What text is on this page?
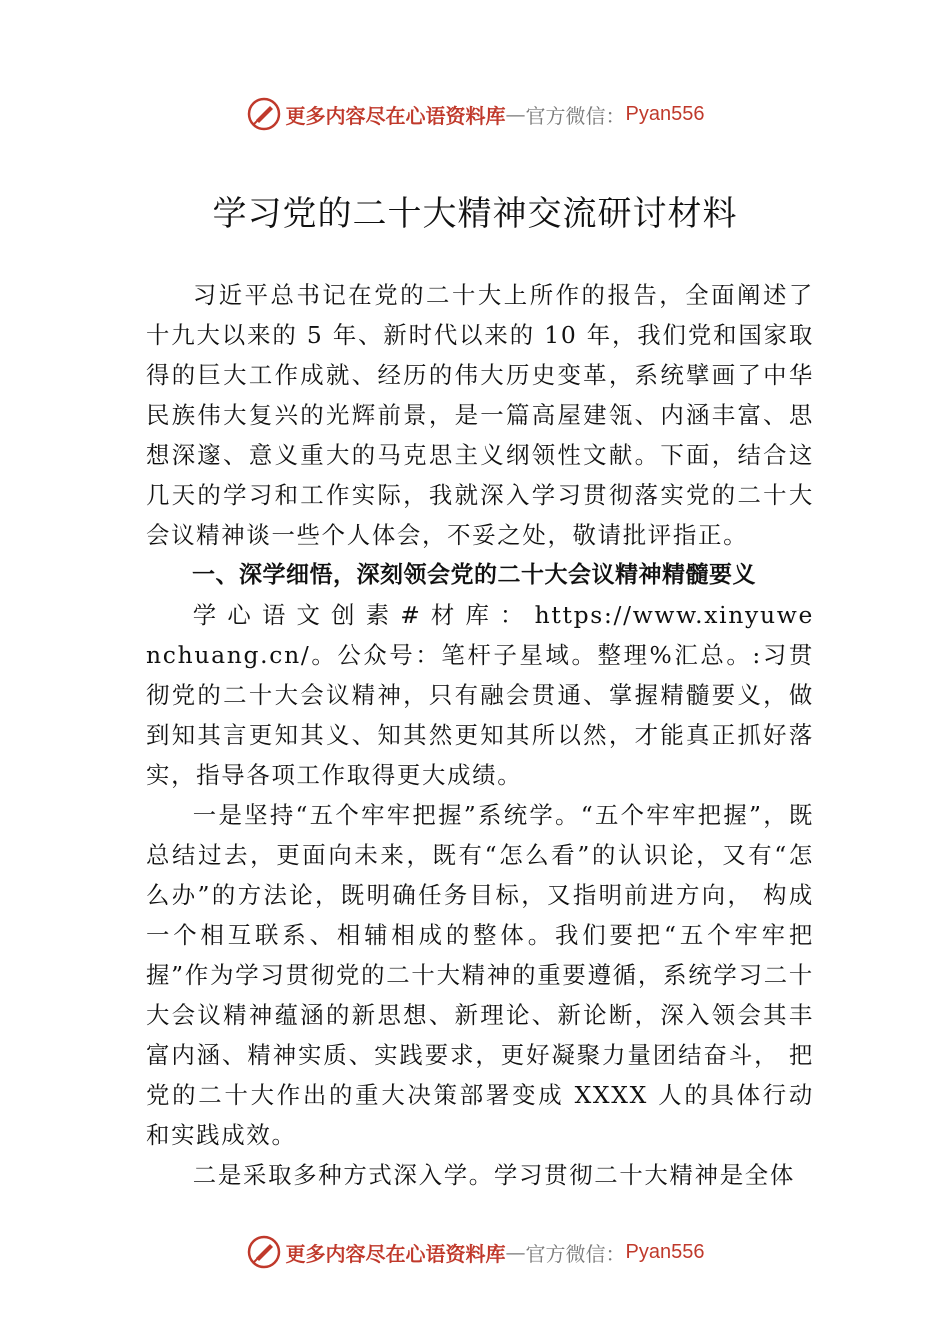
更多内容尽在心语资料库 — 官方微信： Pyan556
学习党的二十大精神交流研讨材料

习近平总书记在党的二十大上所作的报告，全面阐述了十九大以来的 5 年、新时代以来的 10 年，我们党和国家取得的巨大工作成就、经历的伟大历史变革，系统擘画了中华民族伟大复兴的光辉前景，是一篇高屋建瓴、内涵丰富、思想深邃、意义重大的马克思主义纲领性文献。下面，结合这几天的学习和工作实际，我就深入学习贯彻落实党的二十大会议精神谈一些个人体会，不妥之处，敬请批评指正。

一、深学细悟，深刻领会党的二十大会议精神精髓要义

学 心 语 文 创 素 # 材 库 ： https://www.xinyuwenchuang.cn/。公众号：笔杆子星域。整理%汇总。:习贯彻党的二十大会议精神，只有融会贯通、掌握精髓要义，做到知其言更知其义、知其然更知其所以然，才能真正抓好落实，指导各项工作取得更大成绩。

一是坚持“五个牢牢把握”系统学。“五个牢牢把握”，既总结过去，更面向未来，既有“怎么看”的认识论，又有“怎么办”的方法论，既明确任务目标，又指明前进方向， 构成一个相互联系、相辅相成的整体。我们要把“五个牢牢把握”作为学习贯彻党的二十大精神的重要遵循，系统学习二十大会议精神蕴涵的新思想、新理论、新论断，深入领会其丰富内涵、精神实质、实践要求，更好凝聚力量团结奋斗， 把党的二十大作出的重大决策部署变成 XXXX 人的具体行动和实践成效。

二是采取多种方式深入学。学习贯彻二十大精神是全体

更多内容尽在心语资料库 — 官方微信： Pyan556
